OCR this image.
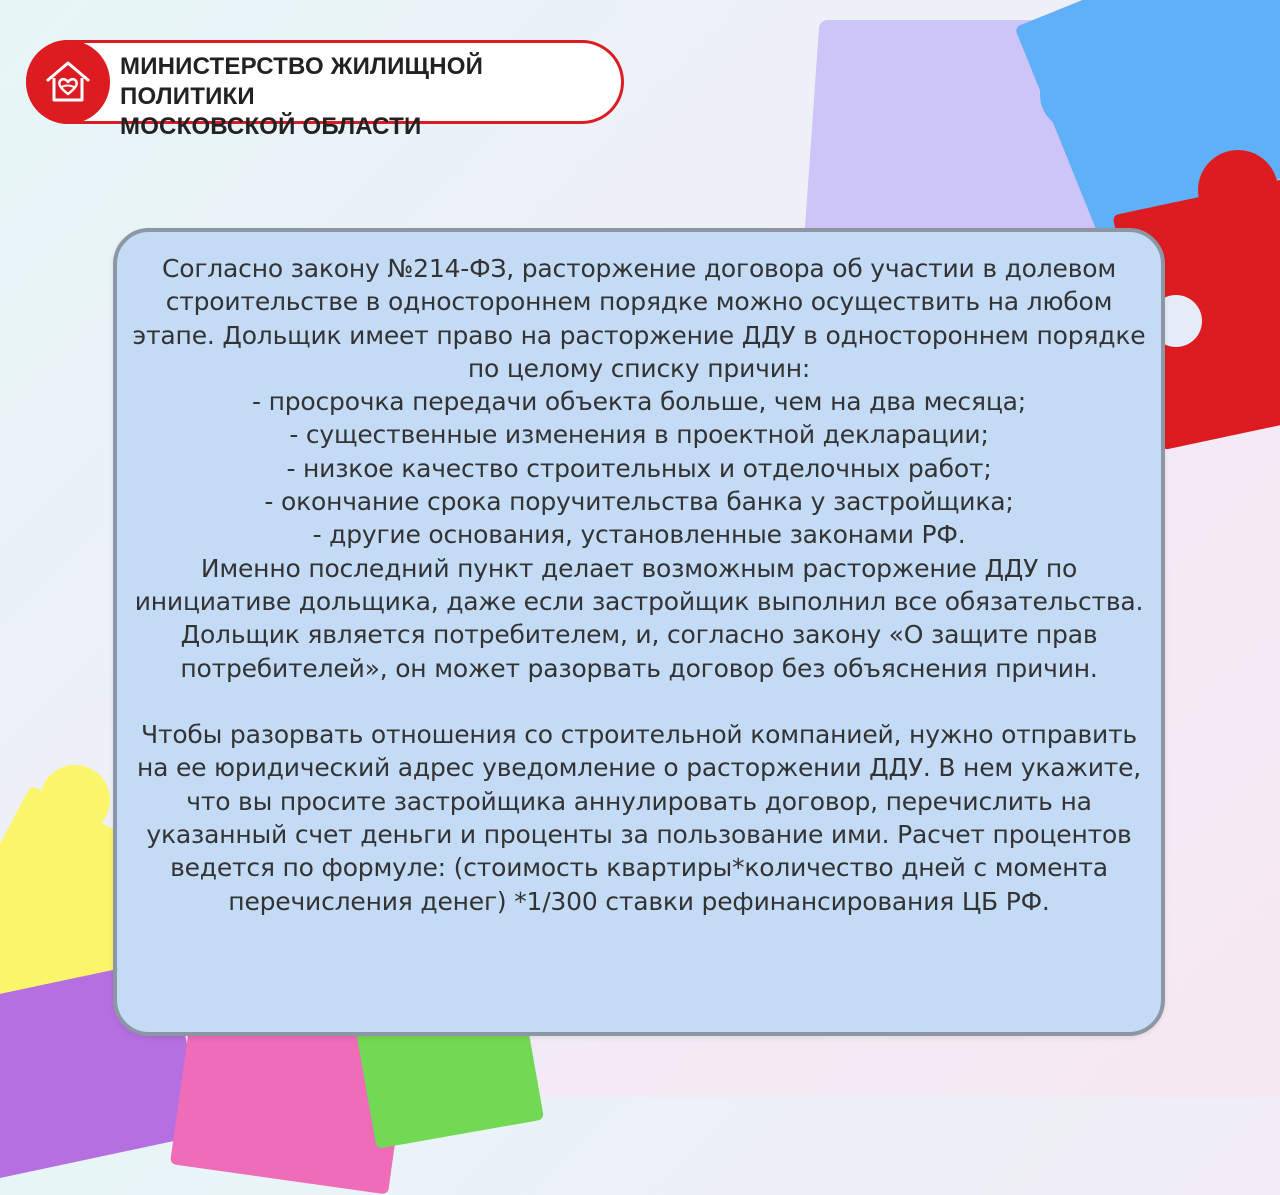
МИНИСТЕРСТВО ЖИЛИЩНОЙ ПОЛИТИКИ
МОСКОВСКОЙ ОБЛАСТИ

Согласно закону №214-ФЗ, расторжение договора об участии в долевом строительстве в одностороннем порядке можно осуществить на любом этапе. Дольщик имеет право на расторжение ДДУ в одностороннем порядке по целому списку причин:

- просрочка передачи объекта больше, чем на два месяца;

- существенные изменения в проектной декларации;

- низкое качество строительных и отделочных работ;

- окончание срока поручительства банка у застройщика;

- другие основания, установленные законами РФ.

Именно последний пункт делает возможным расторжение ДДУ по инициативе дольщика, даже если застройщик выполнил все обязательства. Дольщик является потребителем, и, согласно закону «О защите прав потребителей», он может разорвать договор без объяснения причин.

Чтобы разорвать отношения со строительной компанией, нужно отправить на ее юридический адрес уведомление о расторжении ДДУ. В нем укажите, что вы просите застройщика аннулировать договор, перечислить на указанный счет деньги и проценты за пользование ими. Расчет процентов ведется по формуле: (стоимость квартиры*количество дней с момента перечисления денег) *1/300 ставки рефинансирования ЦБ РФ.
